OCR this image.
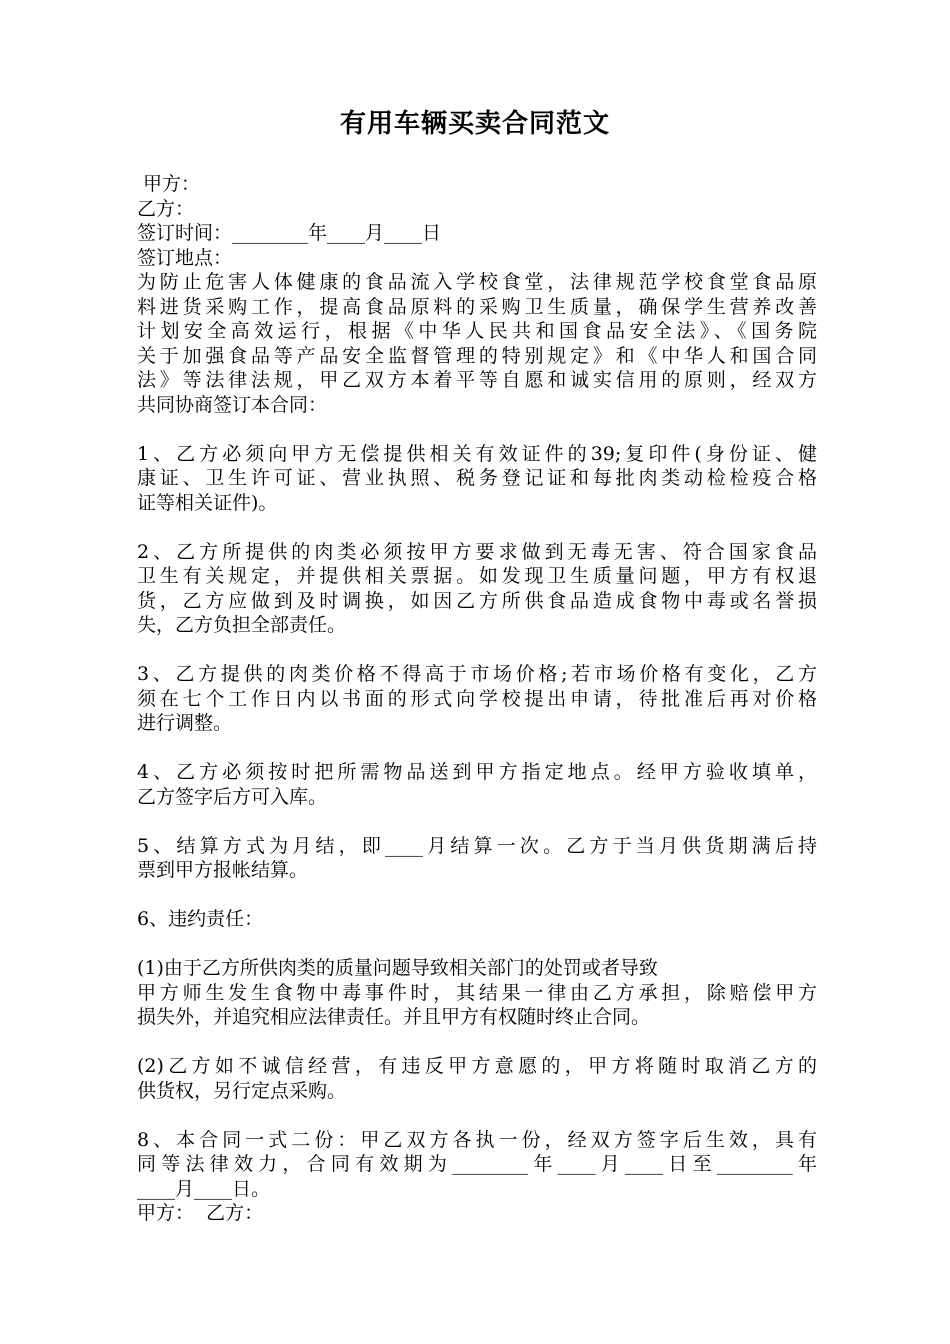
有用车辆买卖合同范文
甲方：
乙方：
签订时间：________年____月____日
签订地点：
为防止危害人体健康的食品流入学校食堂，法律规范学校食堂食品原
料进货采购工作，提高食品原料的采购卫生质量，确保学生营养改善
计划安全高效运行，根据《中华人民共和国食品安全法》、《国务院
关于加强食品等产品安全监督管理的特别规定》和《中华人和国合同
法》等法律法规，甲乙双方本着平等自愿和诚实信用的原则，经双方
共同协商签订本合同：
1、乙方必须向甲方无偿提供相关有效证件的39;复印件(身份证、健
康证、卫生许可证、营业执照、税务登记证和每批肉类动检检疫合格
证等相关证件)。
2、乙方所提供的肉类必须按甲方要求做到无毒无害、符合国家食品
卫生有关规定，并提供相关票据。如发现卫生质量问题，甲方有权退
货，乙方应做到及时调换，如因乙方所供食品造成食物中毒或名誉损
失，乙方负担全部责任。
3、乙方提供的肉类价格不得高于市场价格;若市场价格有变化，乙方
须在七个工作日内以书面的形式向学校提出申请，待批准后再对价格
进行调整。
4、乙方必须按时把所需物品送到甲方指定地点。经甲方验收填单，
乙方签字后方可入库。
5、结算方式为月结，即____月结算一次。乙方于当月供货期满后持
票到甲方报帐结算。
6、违约责任：
(1)由于乙方所供肉类的质量问题导致相关部门的处罚或者导致
甲方师生发生食物中毒事件时，其结果一律由乙方承担，除赔偿甲方
损失外，并追究相应法律责任。并且甲方有权随时终止合同。
(2)乙方如不诚信经营，有违反甲方意愿的，甲方将随时取消乙方的
供货权，另行定点采购。
8、本合同一式二份：甲乙双方各执一份，经双方签字后生效，具有
同等法律效力，合同有效期为________年____月____日至________年
____月____日。
甲方：  乙方：
